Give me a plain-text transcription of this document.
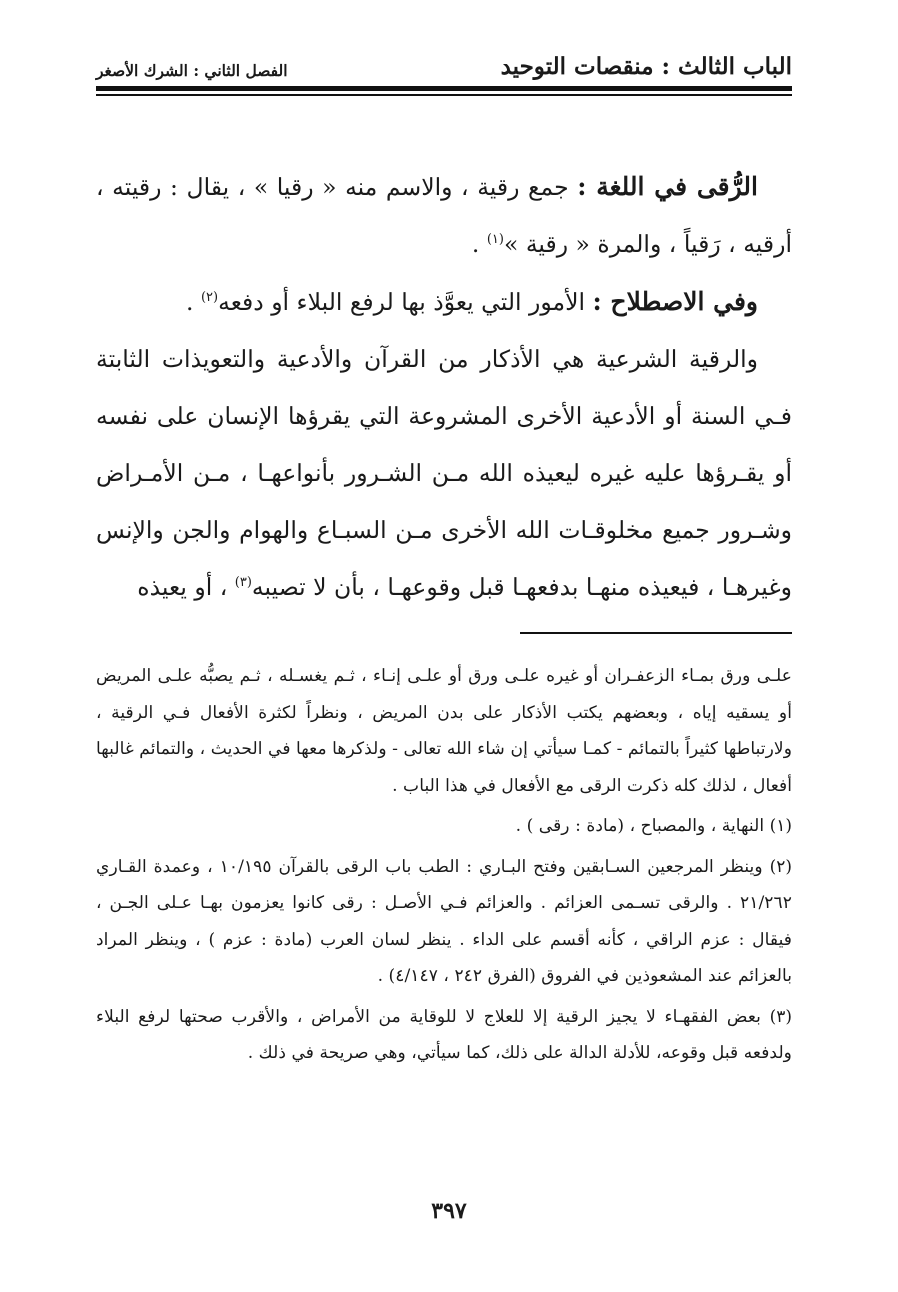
الباب الثالث : منقصات التوحيد
الفصل الثاني : الشرك الأصغر

الرُّقى في اللغة : جمع رقية ، والاسم منه « رقيا » ، يقال : رقيته ، أرقيه ، رَقياً ، والمرة « رقية »$^{(١)}$ .

وفي الاصطلاح : الأمور التي يعوَّذ بها لرفع البلاء أو دفعه$^{(٢)}$ .

والرقية الشرعية هي الأذكار من القرآن والأدعية والتعويذات الثابتة فـي السنة أو الأدعية الأخرى المشروعة التي يقرؤها الإنسان على نفسه أو يقـرؤها عليه غيره ليعيذه الله مـن الشـرور بأنواعهـا ، مـن الأمـراض وشـرور جميع مخلوقـات الله الأخرى مـن السبـاع والهوام والجن والإنس وغيرهـا ، فيعيذه منهـا بدفعهـا قبل وقوعهـا ، بأن لا تصيبه$^{(٣)}$ ، أو يعيذه

علـى ورق بمـاء الزعفـران أو غيره علـى ورق أو علـى إنـاء ، ثـم يغسـله ، ثـم يصبُّه علـى المريض أو يسقيه إياه ، وبعضهم يكتب الأذكار على بدن المريض ، ونظراً لكثرة الأفعال فـي الرقية ، ولارتباطها كثيراً بالتمائم - كمـا سيأتي إن شاء الله تعالى - ولذكرها معها في الحديث ، والتمائم غالبها أفعال ، لذلك كله ذكرت الرقى مع الأفعال في هذا الباب .

(١) النهاية ، والمصباح ، (مادة : رقى ) .

(٢) وينظر المرجعين السـابقين وفتح البـاري : الطب باب الرقى بالقرآن ١٠/١٩٥ ، وعمدة القـاري ٢١/٢٦٢ . والرقى تسـمى العزائم . والعزائم فـي الأصـل : رقى كانوا يعزمون بهـا عـلى الجـن ، فيقال : عزم الراقي ، كأنه أقسم على الداء . ينظر لسان العرب (مادة : عزم ) ، وينظر المراد بالعزائم عند المشعوذين في الفروق (الفرق ٢٤٢ ، ٤/١٤٧) .

(٣) بعض الفقهـاء لا يجيز الرقية إلا للعلاج لا للوقاية من الأمراض ، والأقرب صحتها لرفع البلاء ولدفعه قبل وقوعه، للأدلة الدالة على ذلك، كما سيأتي، وهي صريحة في ذلك .

٣٩٧
